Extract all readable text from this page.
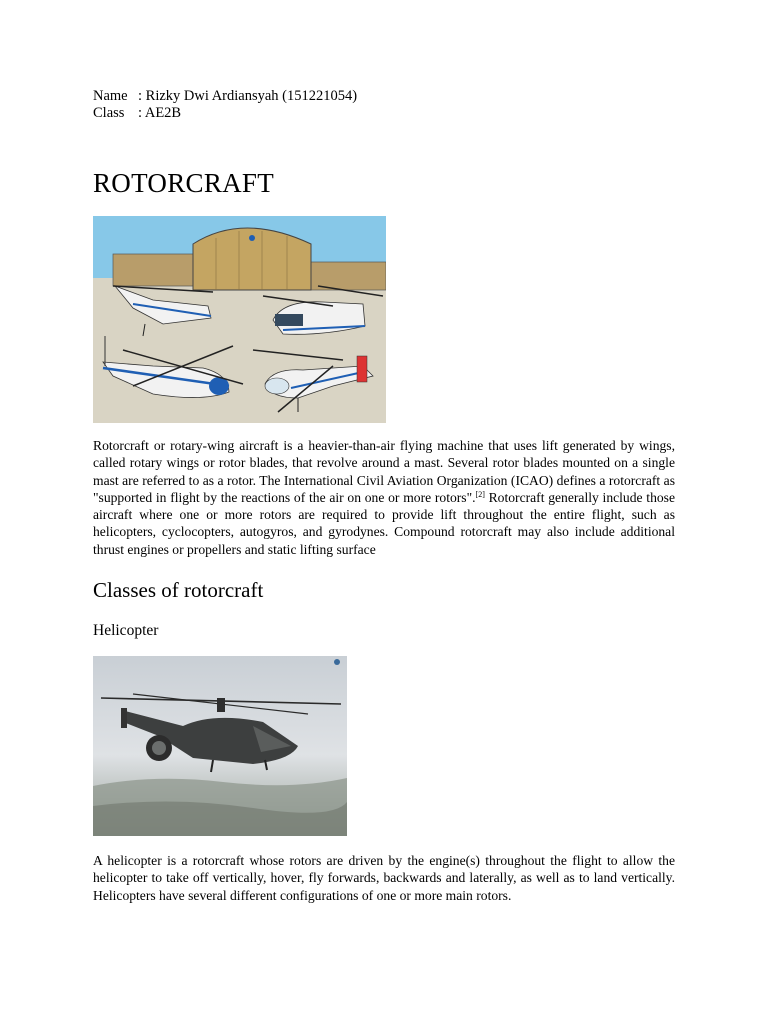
Name : Rizky Dwi Ardiansyah (151221054)
Class : AE2B
ROTORCRAFT

Rotorcraft or rotary-wing aircraft is a heavier-than-air flying machine that uses lift generated by wings, called rotary wings or rotor blades, that revolve around a mast. Several rotor blades mounted on a single mast are referred to as a rotor. The International Civil Aviation Organization (ICAO) defines a rotorcraft as "supported in flight by the reactions of the air on one or more rotors".[2] Rotorcraft generally include those aircraft where one or more rotors are required to provide lift throughout the entire flight, such as helicopters, cyclocopters, autogyros, and gyrodynes. Compound rotorcraft may also include additional thrust engines or propellers and static lifting surface

Classes of rotorcraft
Helicopter

A helicopter is a rotorcraft whose rotors are driven by the engine(s) throughout the flight to allow the helicopter to take off vertically, hover, fly forwards, backwards and laterally, as well as to land vertically. Helicopters have several different configurations of one or more main rotors.
